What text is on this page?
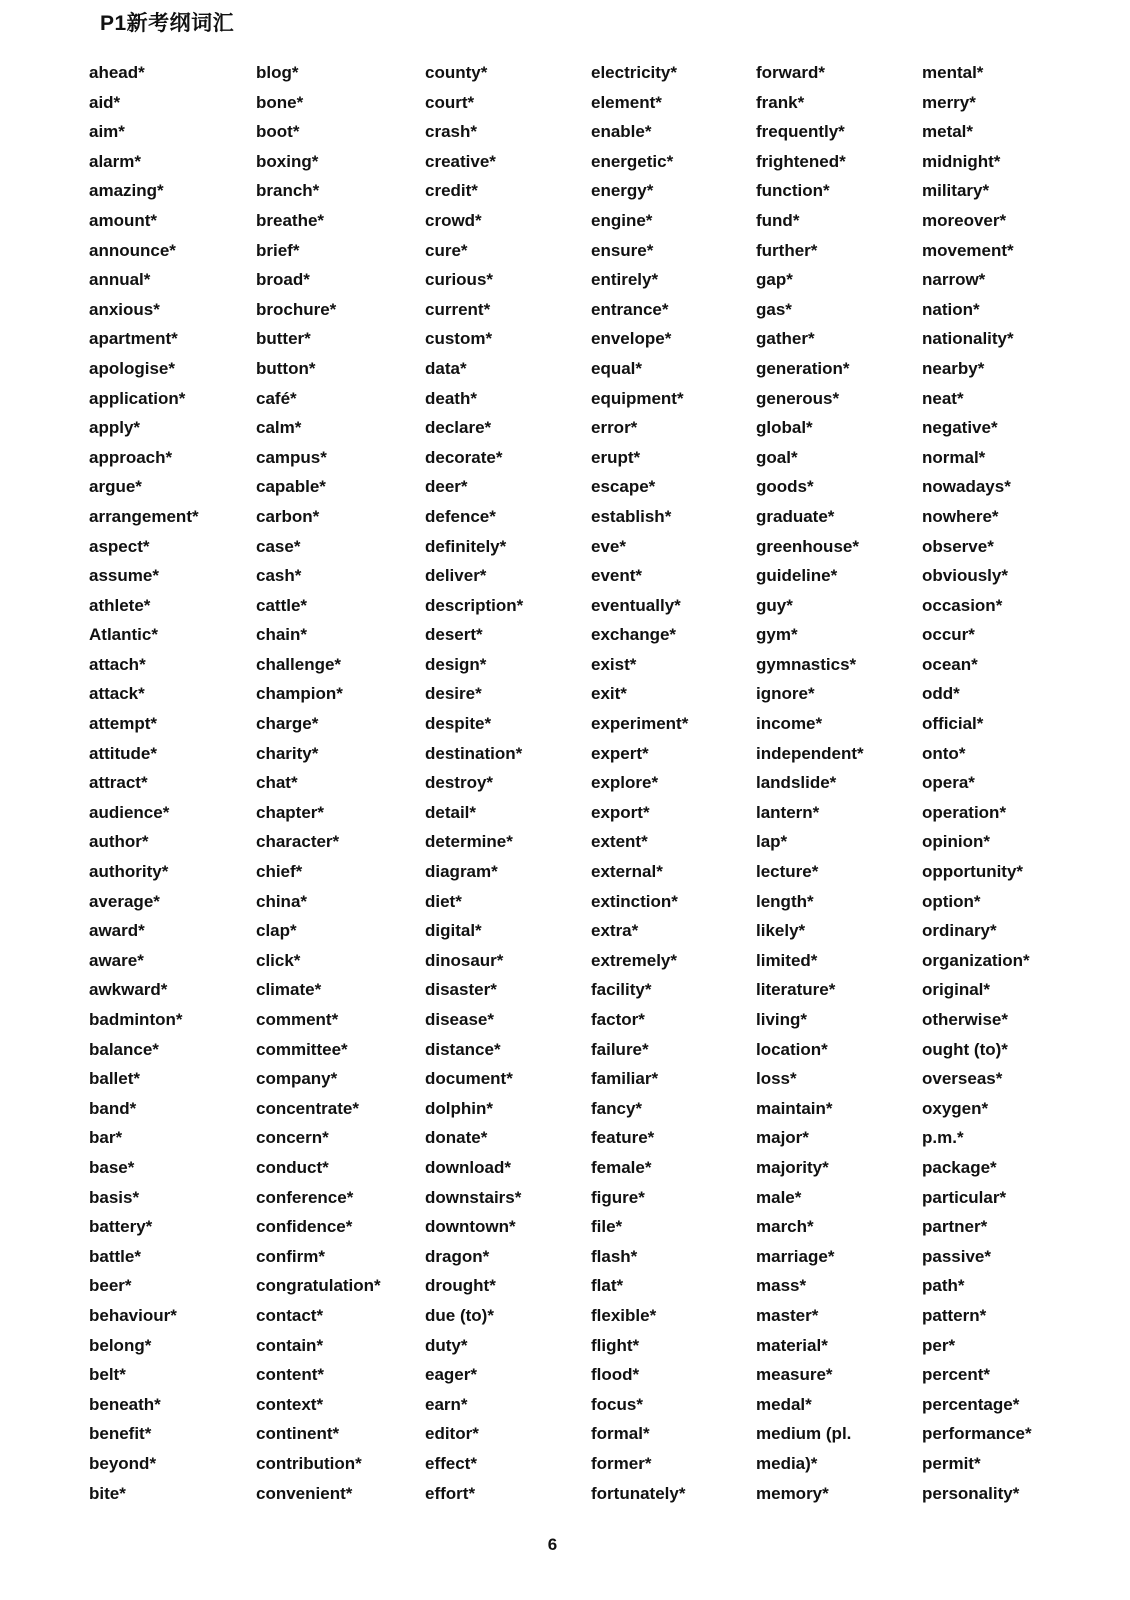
P1新考纲词汇
ahead*
aid*
aim*
alarm*
amazing*
amount*
announce*
annual*
anxious*
apartment*
apologise*
application*
apply*
approach*
argue*
arrangement*
aspect*
assume*
athlete*
Atlantic*
attach*
attack*
attempt*
attitude*
attract*
audience*
author*
authority*
average*
award*
aware*
awkward*
badminton*
balance*
ballet*
band*
bar*
base*
basis*
battery*
battle*
beer*
behaviour*
belong*
belt*
beneath*
benefit*
beyond*
bite*
blog*
bone*
boot*
boxing*
branch*
breathe*
brief*
broad*
brochure*
butter*
button*
café*
calm*
campus*
capable*
carbon*
case*
cash*
cattle*
chain*
challenge*
champion*
charge*
charity*
chat*
chapter*
character*
chief*
china*
clap*
click*
climate*
comment*
committee*
company*
concentrate*
concern*
conduct*
conference*
confidence*
confirm*
congratulation*
contact*
contain*
content*
context*
continent*
contribution*
convenient*
county*
court*
crash*
creative*
credit*
crowd*
cure*
curious*
current*
custom*
data*
death*
declare*
decorate*
deer*
defence*
definitely*
deliver*
description*
desert*
design*
desire*
despite*
destination*
destroy*
detail*
determine*
diagram*
diet*
digital*
dinosaur*
disaster*
disease*
distance*
document*
dolphin*
donate*
download*
downstairs*
downtown*
dragon*
drought*
due (to)*
duty*
eager*
earn*
editor*
effect*
effort*
electricity*
element*
enable*
energetic*
energy*
engine*
ensure*
entirely*
entrance*
envelope*
equal*
equipment*
error*
erupt*
escape*
establish*
eve*
event*
eventually*
exchange*
exist*
exit*
experiment*
expert*
explore*
export*
extent*
external*
extinction*
extra*
extremely*
facility*
factor*
failure*
familiar*
fancy*
feature*
female*
figure*
file*
flash*
flat*
flexible*
flight*
flood*
focus*
formal*
former*
fortunately*
forward*
frank*
frequently*
frightened*
function*
fund*
further*
gap*
gas*
gather*
generation*
generous*
global*
goal*
goods*
graduate*
greenhouse*
guideline*
guy*
gym*
gymnastics*
ignore*
income*
independent*
landslide*
lantern*
lap*
lecture*
length*
likely*
limited*
literature*
living*
location*
loss*
maintain*
major*
majority*
male*
march*
marriage*
mass*
master*
material*
measure*
medal*
medium (pl.
media)*
memory*
mental*
merry*
metal*
midnight*
military*
moreover*
movement*
narrow*
nation*
nationality*
nearby*
neat*
negative*
normal*
nowadays*
nowhere*
observe*
obviously*
occasion*
occur*
ocean*
odd*
official*
onto*
opera*
operation*
opinion*
opportunity*
option*
ordinary*
organization*
original*
otherwise*
ought (to)*
overseas*
oxygen*
p.m.*
package*
particular*
partner*
passive*
path*
pattern*
per*
percent*
percentage*
performance*
permit*
personality*
6
